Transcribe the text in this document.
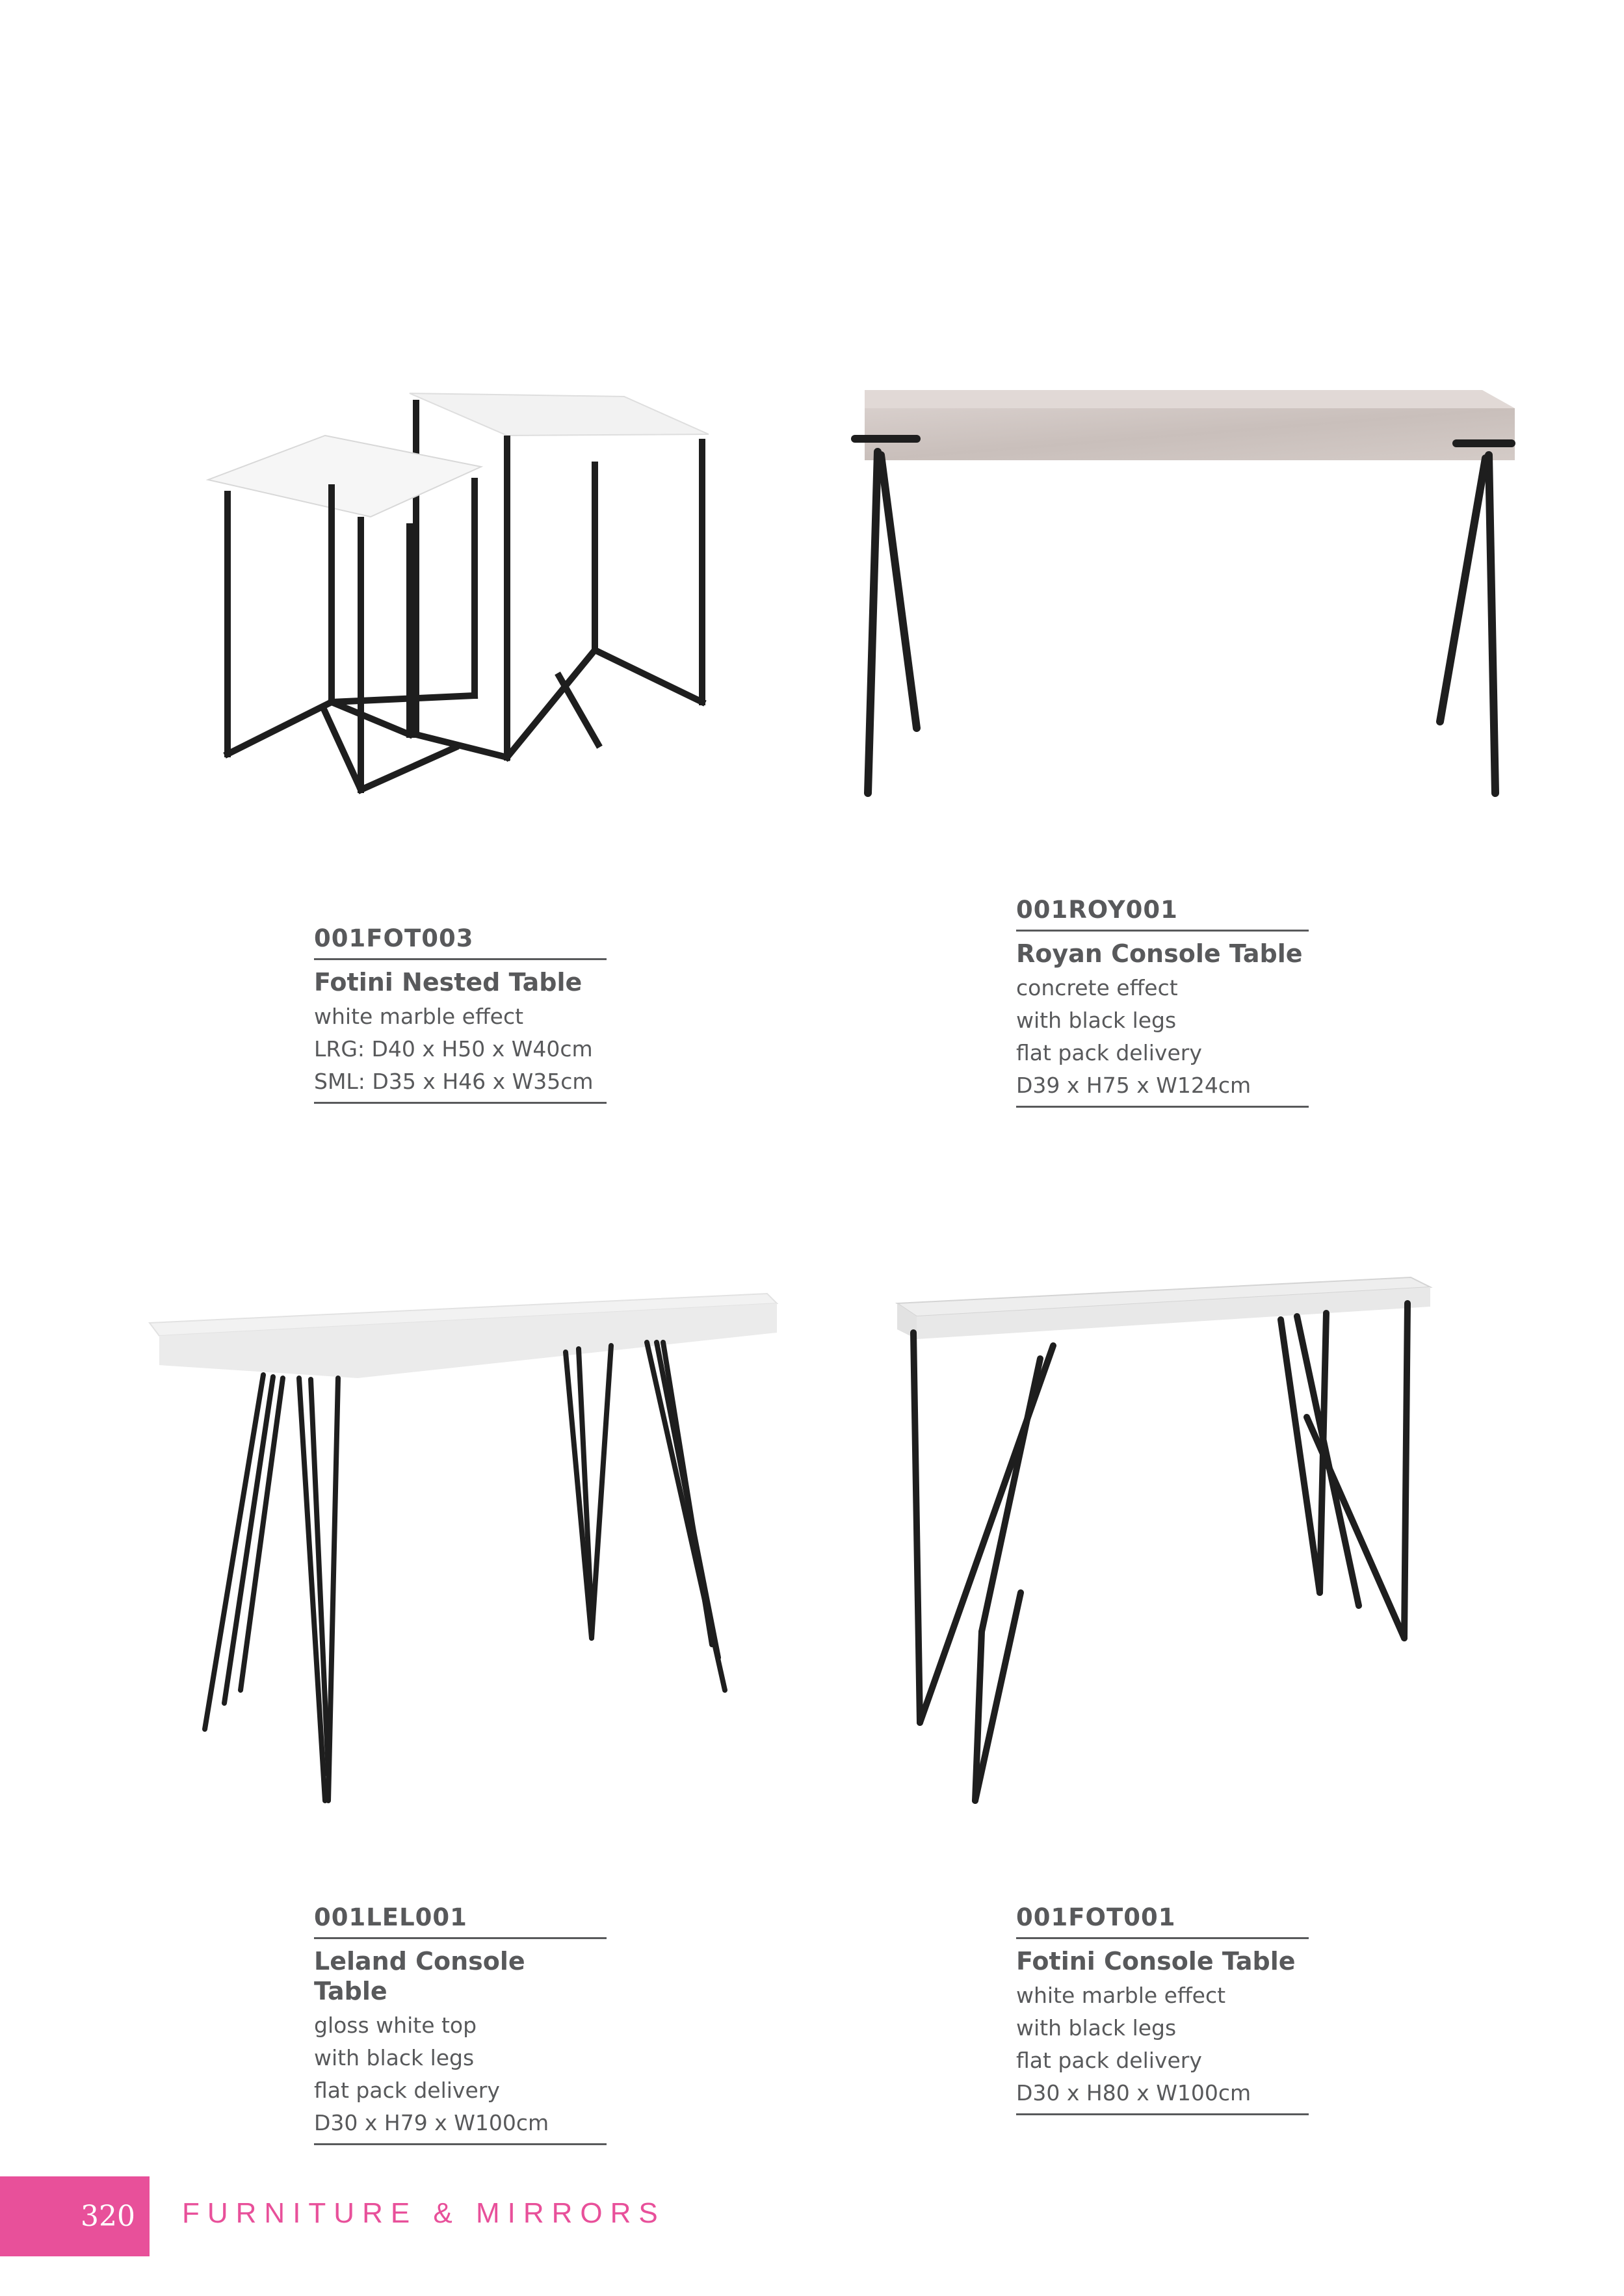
001FOT003

Fotini Nested Table

white marble effect
LRG: D40 x H50 x W40cm
SML: D35 x H46 x W35cm

001ROY001

Royan Console Table

concrete effect
with black legs
flat pack delivery
D39 x H75 x W124cm

001LEL001

Leland Console Table

gloss white top
with black legs
flat pack delivery
D30 x H79 x W100cm

001FOT001

Fotini Console Table

white marble effect
with black legs
flat pack delivery
D30 x H80 x W100cm
320	FURNITURE & MIRRORS
